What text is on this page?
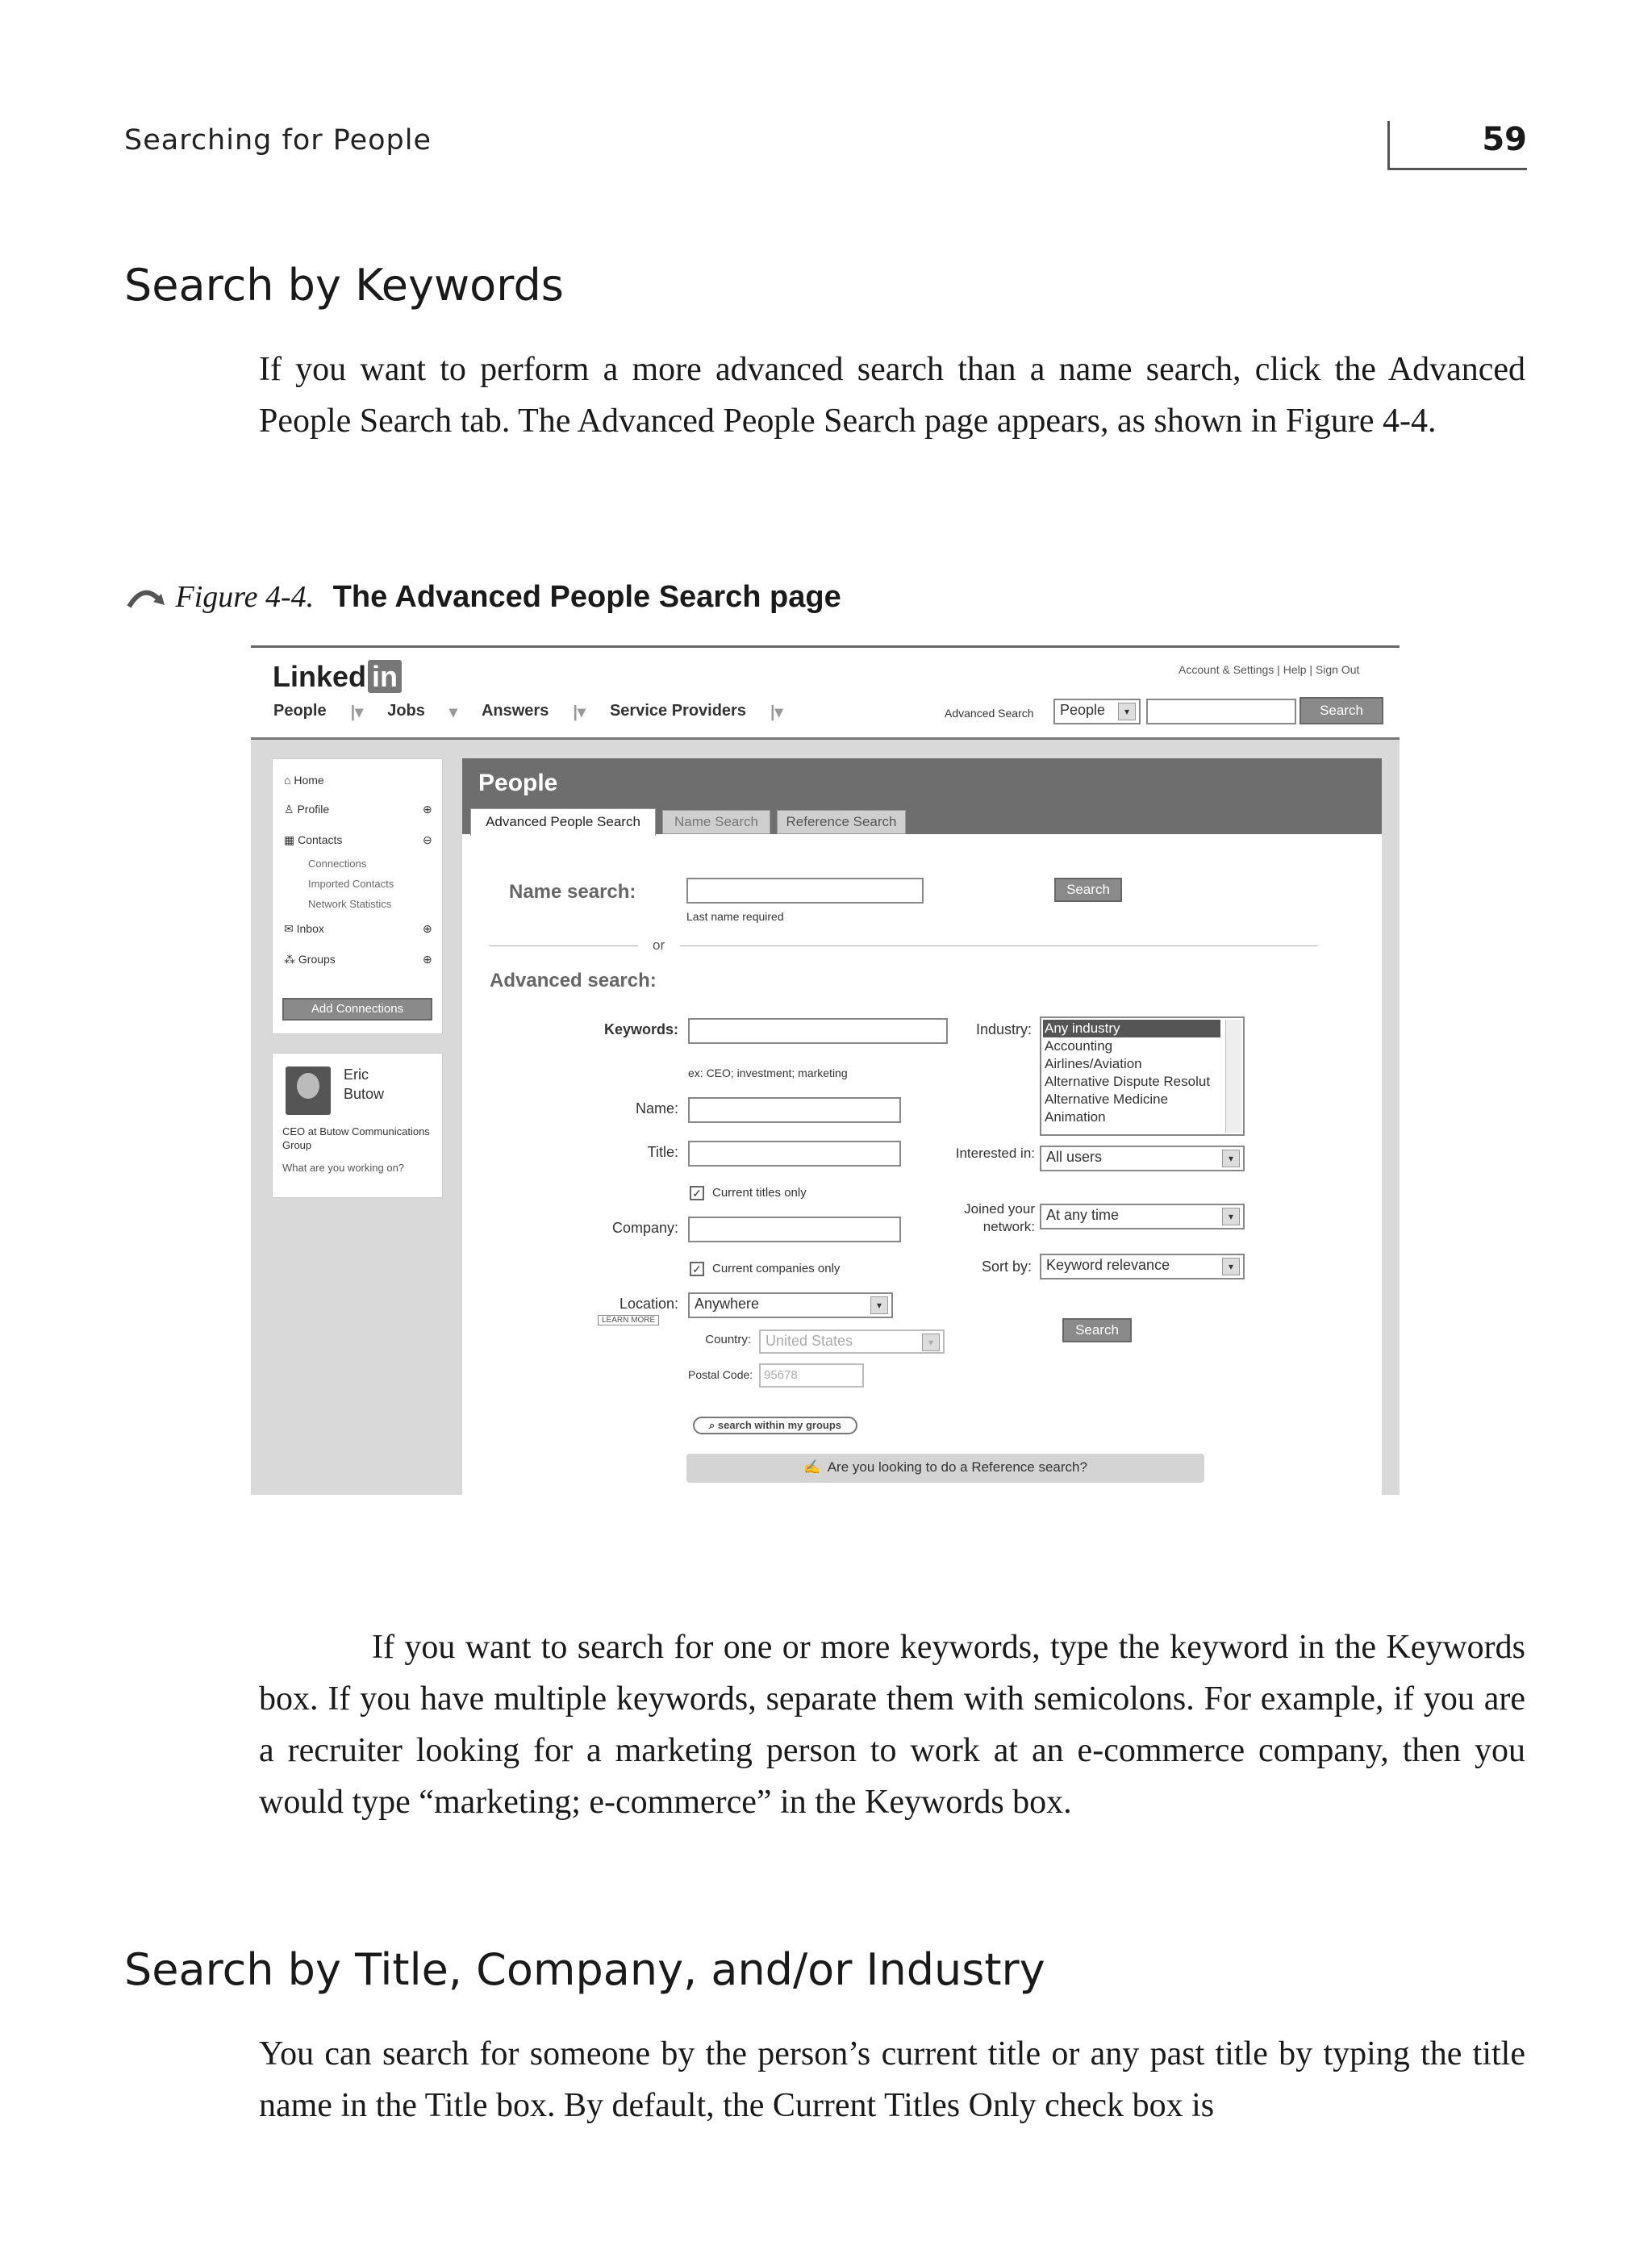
Searching for People	59
Search by Keywords

If you want to perform a more advanced search than a name search, click the Advanced People Search tab. The Advanced People Search page appears, as shown in Figure 4-4.

Figure 4-4. The Advanced People Search page
Linked in	Account & Settings | Help | Sign Out
People |▾ Jobs ▾ Answers |▾ Service Providers |▾	Advanced Search	People	▾	Search
⌂ Home
♙ Profile	⊕
▦ Contacts	⊖
Connections
Imported Contacts
Network Statistics
✉ Inbox	⊕
⁂ Groups	⊕
Add Connections
Eric
Butow
CEO at Butow Communications Group
What are you working on?
People
Advanced People Search	Name Search	Reference Search
Name search:	Search
Last name required
or
Advanced search:
Keywords:
ex: CEO; investment; marketing
Name:
Title:
✓ Current titles only
Company:
✓ Current companies only
Location:
LEARN MORE
Anywhere	▾
Country:	United States	▾
Postal Code: 95678
⌕ search within my groups
✍ Are you looking to do a Reference search?
Industry: Any industry
Accounting
Airlines/Aviation
Alternative Dispute Resolut
Alternative Medicine
Animation
Interested in: All users	▾
Joined your network:
At any time	▾
Sort by:	Keyword relevance	▾
Search

If you want to search for one or more keywords, type the keyword in the Keywords box. If you have multiple keywords, separate them with semicolons. For example, if you are a recruiter looking for a marketing person to work at an e-commerce company, then you would type “marketing; e-commerce” in the Keywords box.

Search by Title, Company, and/or Industry

You can search for someone by the person’s current title or any past title by typing the title name in the Title box. By default, the Current Titles Only check box is
